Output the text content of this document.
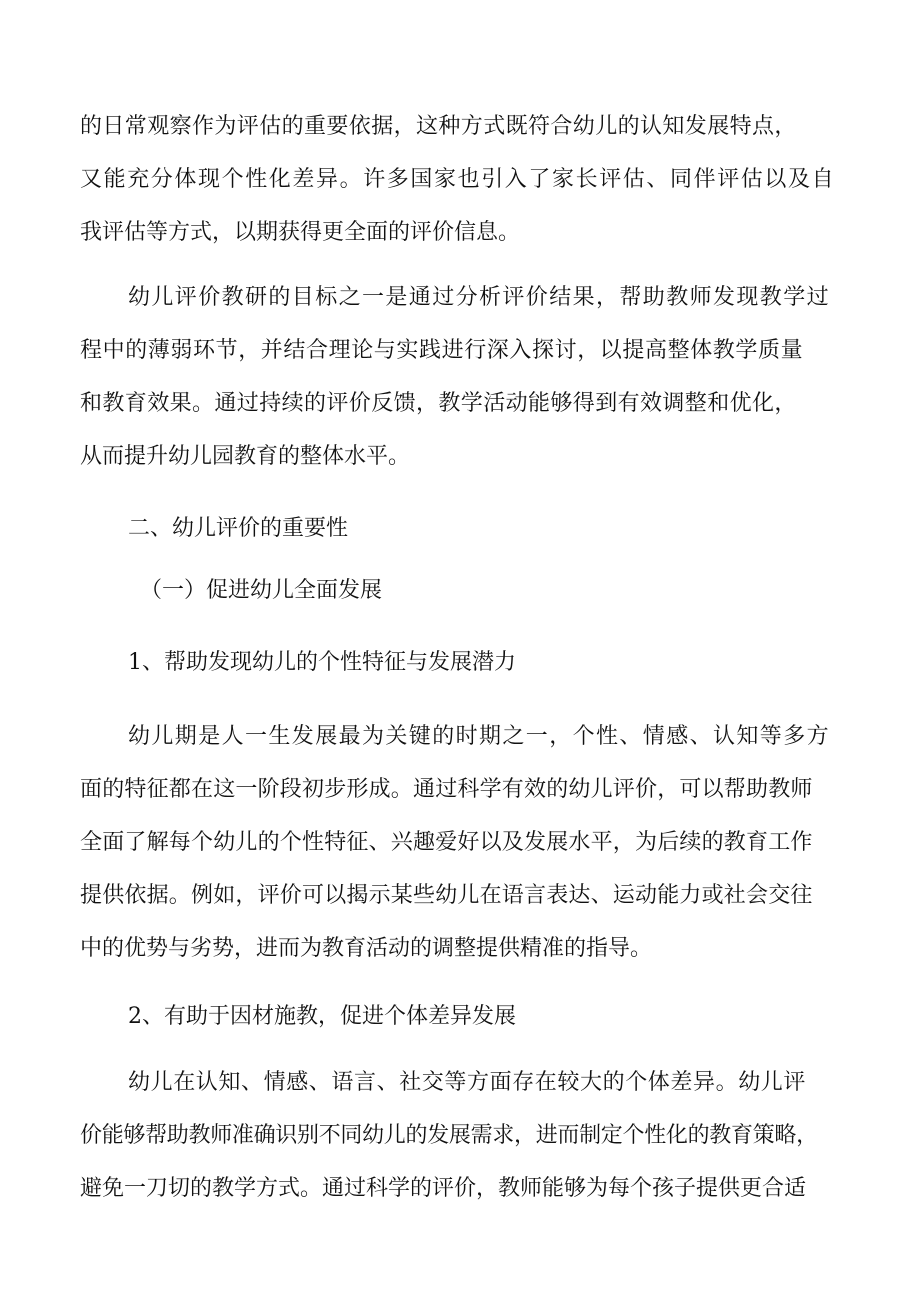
的日常观察作为评估的重要依据，这种方式既符合幼儿的认知发展特点，

又能充分体现个性化差异。许多国家也引入了家长评估、同伴评估以及自

我评估等方式，以期获得更全面的评价信息。

幼儿评价教研的目标之一是通过分析评价结果，帮助教师发现教学过

程中的薄弱环节，并结合理论与实践进行深入探讨，以提高整体教学质量

和教育效果。通过持续的评价反馈，教学活动能够得到有效调整和优化，

从而提升幼儿园教育的整体水平。

二、幼儿评价的重要性
（一）促进幼儿全面发展
1、帮助发现幼儿的个性特征与发展潜力

幼儿期是人一生发展最为关键的时期之一，个性、情感、认知等多方

面的特征都在这一阶段初步形成。通过科学有效的幼儿评价，可以帮助教师

全面了解每个幼儿的个性特征、兴趣爱好以及发展水平，为后续的教育工作

提供依据。例如，评价可以揭示某些幼儿在语言表达、运动能力或社会交往

中的优势与劣势，进而为教育活动的调整提供精准的指导。

2、有助于因材施教，促进个体差异发展

幼儿在认知、情感、语言、社交等方面存在较大的个体差异。幼儿评

价能够帮助教师准确识别不同幼儿的发展需求，进而制定个性化的教育策略，

避免一刀切的教学方式。通过科学的评价，教师能够为每个孩子提供更合适
